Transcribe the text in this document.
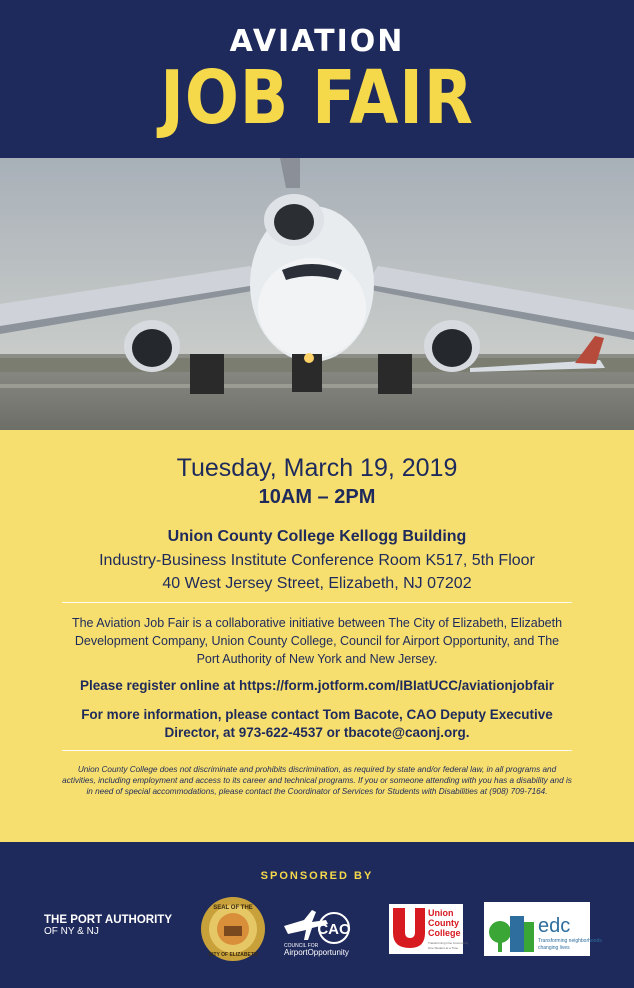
AVIATION
JOB FAIR
Tuesday, March 19, 2019
10AM – 2PM
Union County College Kellogg Building
Industry-Business Institute Conference Room K517, 5th Floor
40 West Jersey Street, Elizabeth, NJ 07202
The Aviation Job Fair is a collaborative initiative between The City of Elizabeth, Elizabeth Development Company, Union County College, Council for Airport Opportunity, and The Port Authority of New York and New Jersey.
Please register online at https://form.jotform.com/IBIatUCC/aviationjobfair
For more information, please contact Tom Bacote, CAO Deputy Executive Director, at 973-622-4537 or tbacote@caonj.org.
Union County College does not discriminate and prohibits discrimination, as required by state and/or federal law, in all programs and activities, including employment and access to its career and technical programs. If you or someone attending with you has a disability and is in need of special accommodations, please contact the Coordinator of Services for Students with Disabilities at (908) 709-7164.
SPONSORED BY
THE PORT AUTHORITY
OF NY & NJ
SEAL OF THE
CITY OF ELIZABETH
CAO
COUNCIL FOR
AirportOpportunity
Union
County
College
Transforming One Community
One Student at a Time
edc
Transforming neighborhoods
changing lives
